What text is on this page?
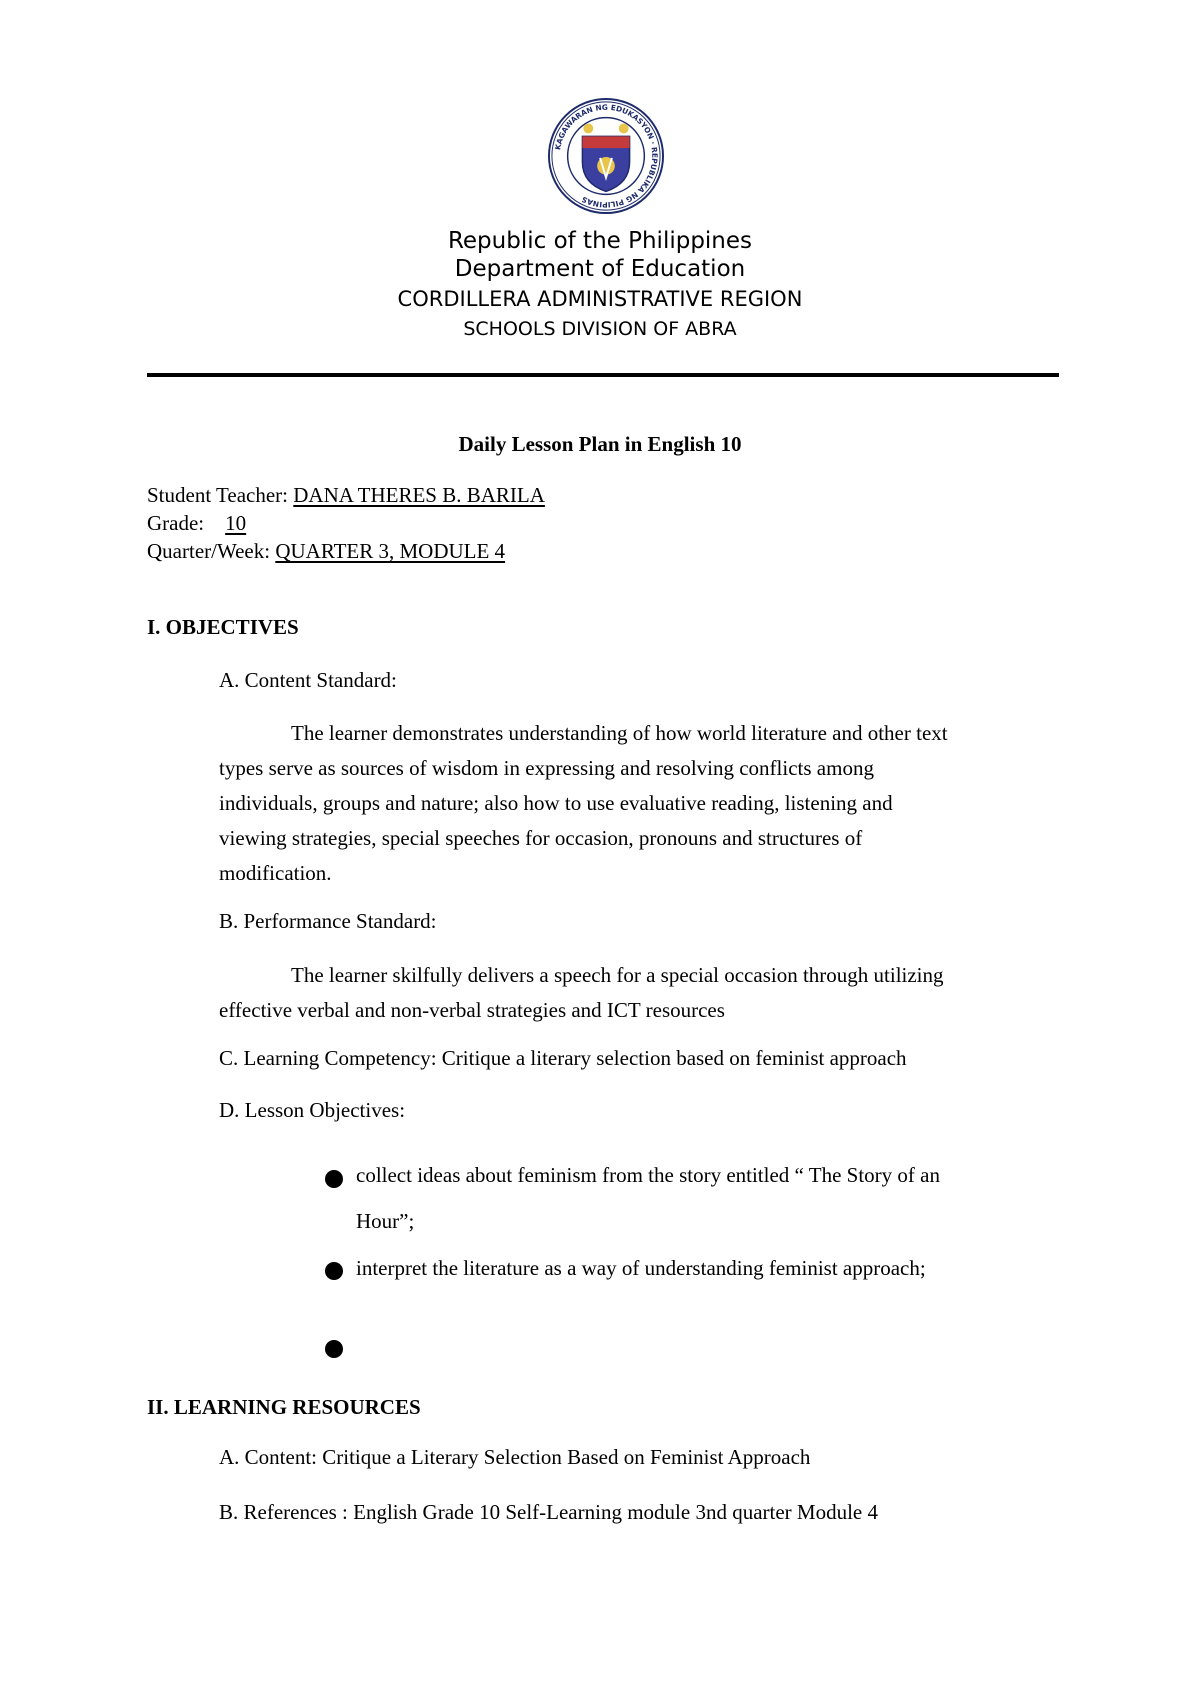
KAGAWARAN NG EDUKASYON · REPUBLIKA NG PILIPINAS
Republic of the Philippines
Department of Education
CORDILLERA ADMINISTRATIVE REGION
SCHOOLS DIVISION OF ABRA
Daily Lesson Plan in English 10
Student Teacher: DANA THERES B. BARILA
Grade: 10
Quarter/Week: QUARTER 3, MODULE 4
I. OBJECTIVES
A. Content Standard:
The learner demonstrates understanding of how world literature and other text
types serve as sources of wisdom in expressing and resolving conflicts among
individuals, groups and nature; also how to use evaluative reading, listening and
viewing strategies, special speeches for occasion, pronouns and structures of
modification.
B. Performance Standard:
The learner skilfully delivers a speech for a special occasion through utilizing
effective verbal and non-verbal strategies and ICT resources
C. Learning Competency: Critique a literary selection based on feminist approach
D. Lesson Objectives:
collect ideas about feminism from the story entitled “ The Story of an
Hour”;
interpret the literature as a way of understanding feminist approach;
II. LEARNING RESOURCES
A. Content: Critique a Literary Selection Based on Feminist Approach
B. References : English Grade 10 Self-Learning module 3nd quarter Module 4
